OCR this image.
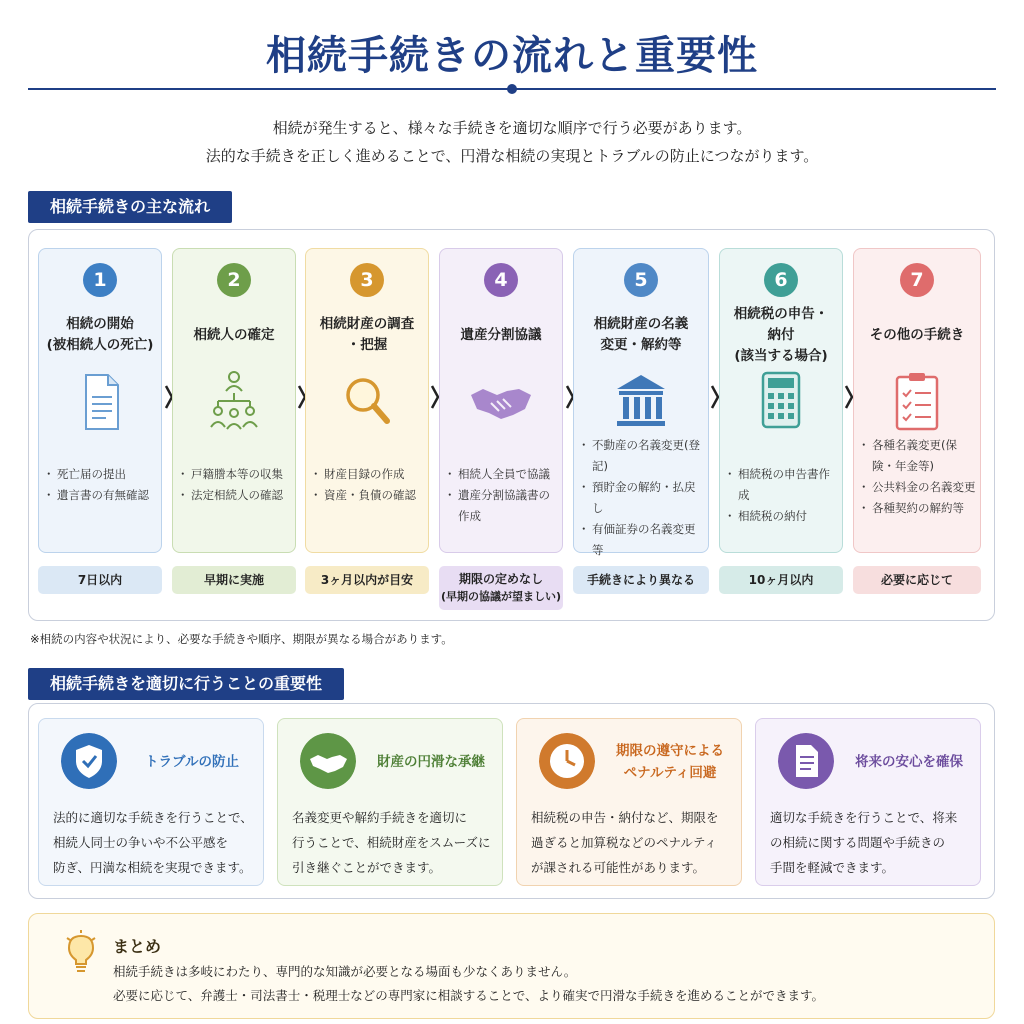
相続手続きの流れと重要性
相続が発生すると、様々な手続きを適切な順序で行う必要があります。
法的な手続きを正しく進めることで、円滑な相続の実現とトラブルの防止につながります。
相続手続きの主な流れ
1
相続の開始
(被相続人の死亡)
・ 死亡届の提出
・ 遺言書の有無確認
7日以内
2
相続人の確定
・ 戸籍謄本等の収集
・ 法定相続人の確認
早期に実施
3
相続財産の調査
・把握
・ 財産目録の作成
・ 資産・負債の確認
3ヶ月以内が目安
4
遺産分割協議
・ 相続人全員で協議
・ 遺産分割協議書の作成
期限の定めなし
(早期の協議が望ましい)
5
相続財産の名義
変更・解約等
・ 不動産の名義変更(登記)
・ 預貯金の解約・払戻し
・ 有価証券の名義変更等
手続きにより異なる
6
相続税の申告・
納付
(該当する場合)
・ 相続税の申告書作成
・ 相続税の納付
10ヶ月以内
7
その他の手続き
・ 各種名義変更(保険・年金等)
・ 公共料金の名義変更
・ 各種契約の解約等
必要に応じて
※相続の内容や状況により、必要な手続きや順序、期限が異なる場合があります。
相続手続きを適切に行うことの重要性
トラブルの防止
法的に適切な手続きを行うことで、
相続人同士の争いや不公平感を
防ぎ、円満な相続を実現できます。
財産の円滑な承継
名義変更や解約手続きを適切に
行うことで、相続財産をスムーズに
引き継ぐことができます。
期限の遵守による
ペナルティ回避
相続税の申告・納付など、期限を
過ぎると加算税などのペナルティ
が課される可能性があります。
将来の安心を確保
適切な手続きを行うことで、将来
の相続に関する問題や手続きの
手間を軽減できます。
まとめ
相続手続きは多岐にわたり、専門的な知識が必要となる場面も少なくありません。
必要に応じて、弁護士・司法書士・税理士などの専門家に相談することで、より確実で円滑な手続きを進めることができます。
